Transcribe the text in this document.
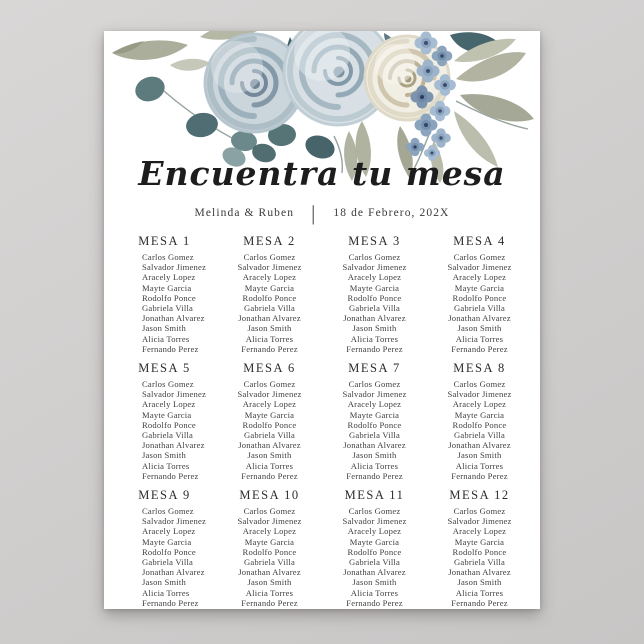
Encuentra tu mesa
Melinda & Ruben | 18 de Febrero, 202X
MESA 1
Carlos Gomez
Salvador Jimenez
Aracely Lopez
Mayte Garcia
Rodolfo Ponce
Gabriela Villa
Jonathan Alvarez
Jason Smith
Alicia Torres
Fernando Perez
MESA 2
Carlos Gomez
Salvador Jimenez
Aracely Lopez
Mayte Garcia
Rodolfo Ponce
Gabriela Villa
Jonathan Alvarez
Jason Smith
Alicia Torres
Fernando Perez
MESA 3
Carlos Gomez
Salvador Jimenez
Aracely Lopez
Mayte Garcia
Rodolfo Ponce
Gabriela Villa
Jonathan Alvarez
Jason Smith
Alicia Torres
Fernando Perez
MESA 4
Carlos Gomez
Salvador Jimenez
Aracely Lopez
Mayte Garcia
Rodolfo Ponce
Gabriela Villa
Jonathan Alvarez
Jason Smith
Alicia Torres
Fernando Perez
MESA 5
Carlos Gomez
Salvador Jimenez
Aracely Lopez
Mayte Garcia
Rodolfo Ponce
Gabriela Villa
Jonathan Alvarez
Jason Smith
Alicia Torres
Fernando Perez
MESA 6
Carlos Gomez
Salvador Jimenez
Aracely Lopez
Mayte Garcia
Rodolfo Ponce
Gabriela Villa
Jonathan Alvarez
Jason Smith
Alicia Torres
Fernando Perez
MESA 7
Carlos Gomez
Salvador Jimenez
Aracely Lopez
Mayte Garcia
Rodolfo Ponce
Gabriela Villa
Jonathan Alvarez
Jason Smith
Alicia Torres
Fernando Perez
MESA 8
Carlos Gomez
Salvador Jimenez
Aracely Lopez
Mayte Garcia
Rodolfo Ponce
Gabriela Villa
Jonathan Alvarez
Jason Smith
Alicia Torres
Fernando Perez
MESA 9
Carlos Gomez
Salvador Jimenez
Aracely Lopez
Mayte Garcia
Rodolfo Ponce
Gabriela Villa
Jonathan Alvarez
Jason Smith
Alicia Torres
Fernando Perez
MESA 10
Carlos Gomez
Salvador Jimenez
Aracely Lopez
Mayte Garcia
Rodolfo Ponce
Gabriela Villa
Jonathan Alvarez
Jason Smith
Alicia Torres
Fernando Perez
MESA 11
Carlos Gomez
Salvador Jimenez
Aracely Lopez
Mayte Garcia
Rodolfo Ponce
Gabriela Villa
Jonathan Alvarez
Jason Smith
Alicia Torres
Fernando Perez
MESA 12
Carlos Gomez
Salvador Jimenez
Aracely Lopez
Mayte Garcia
Rodolfo Ponce
Gabriela Villa
Jonathan Alvarez
Jason Smith
Alicia Torres
Fernando Perez
